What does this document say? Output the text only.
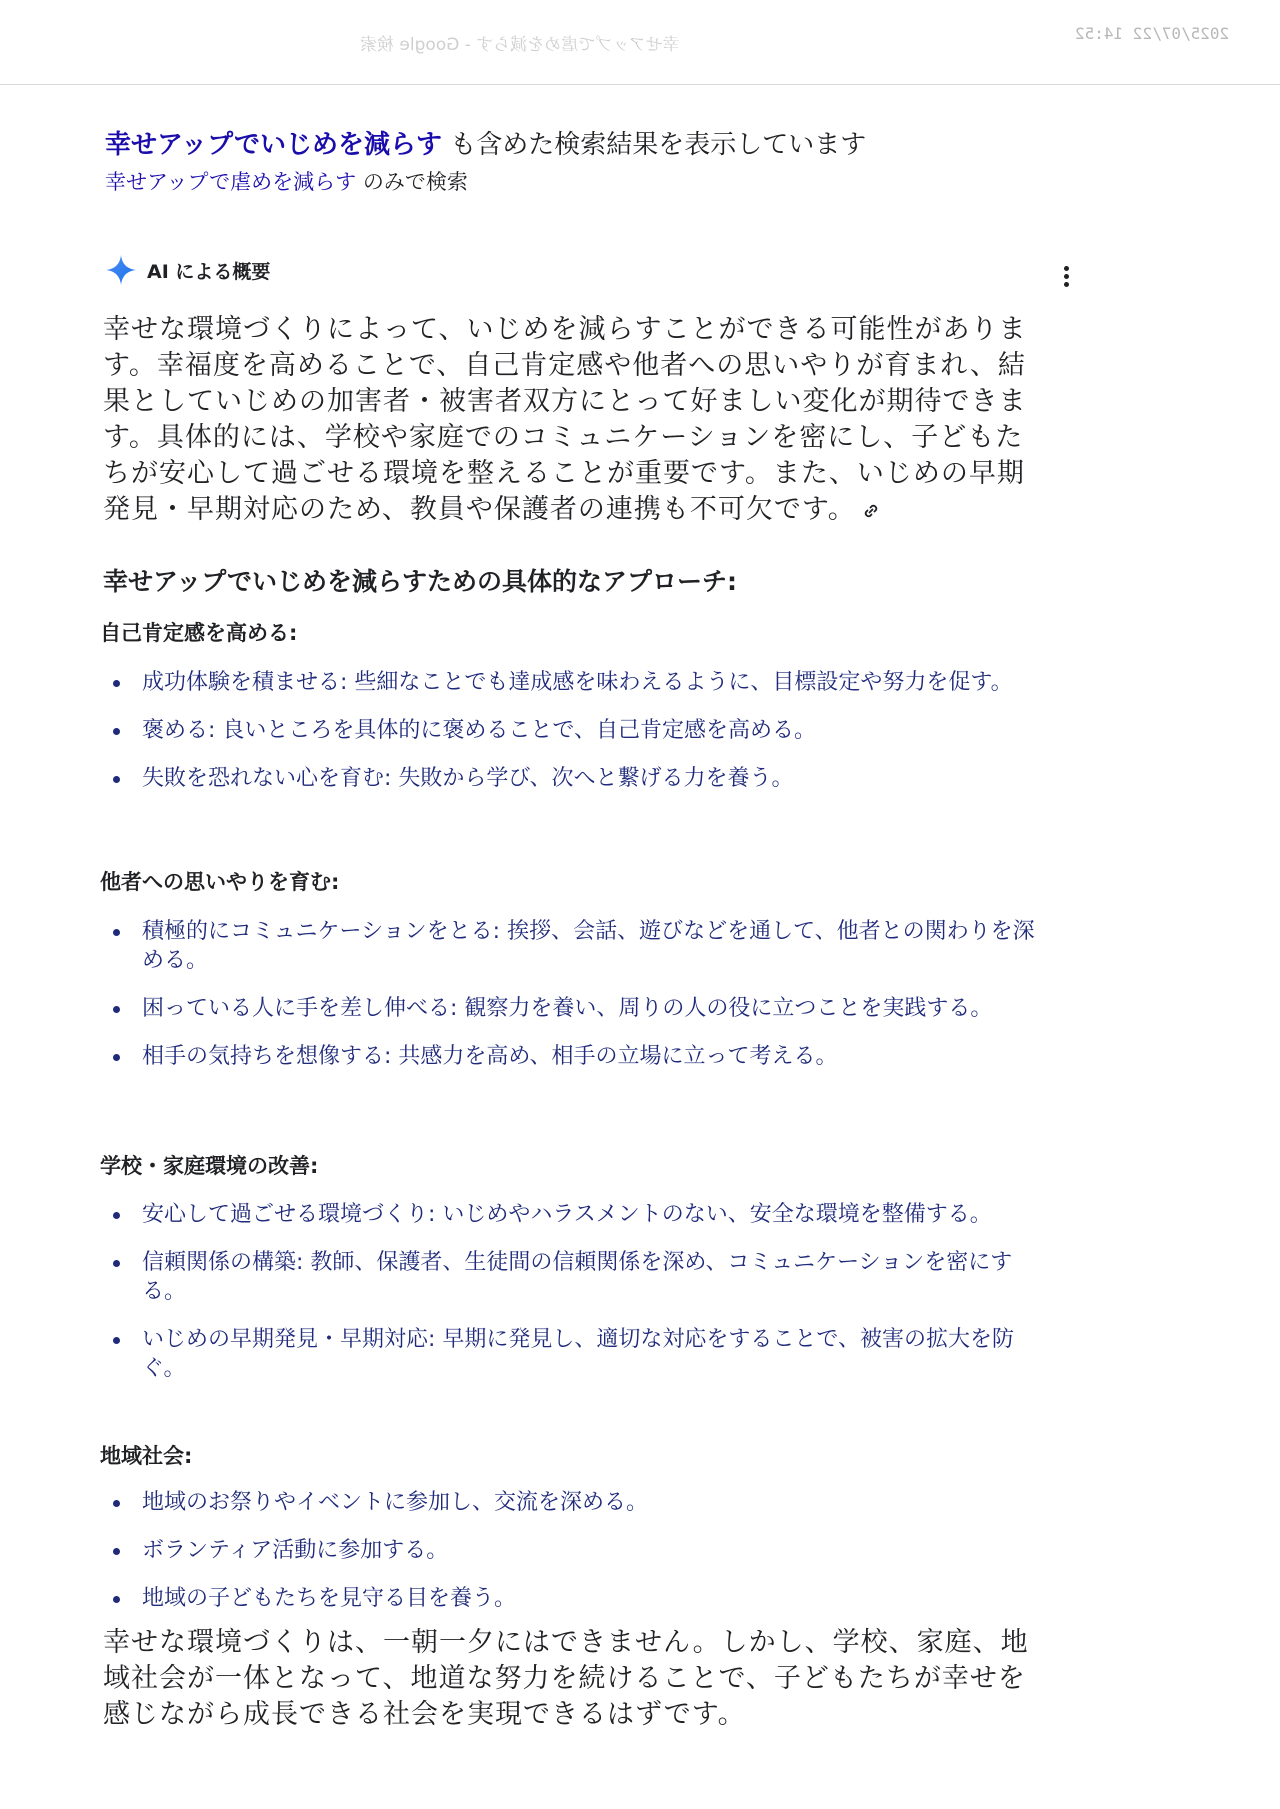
幸せアップで虐めを減らす - Google 検索
2025/07/22 14:52
幸せアップでいじめを減らす も含めた検索結果を表示しています
幸せアップで虐めを減らす のみで検索
AI による概要
幸せな環境づくりによって、いじめを減らすことができる可能性があります。幸福度を高めることで、自己肯定感や他者への思いやりが育まれ、結果としていじめの加害者・被害者双方にとって好ましい変化が期待できます。具体的には、学校や家庭でのコミュニケーションを密にし、子どもたちが安心して過ごせる環境を整えることが重要です。また、いじめの早期発見・早期対応のため、教員や保護者の連携も不可欠です。
幸せアップでいじめを減らすための具体的なアプローチ:
自己肯定感を高める:
成功体験を積ませる: 些細なことでも達成感を味わえるように、目標設定や努力を促す。
褒める: 良いところを具体的に褒めることで、自己肯定感を高める。
失敗を恐れない心を育む: 失敗から学び、次へと繋げる力を養う。
他者への思いやりを育む:
積極的にコミュニケーションをとる: 挨拶、会話、遊びなどを通して、他者との関わりを深める。
困っている人に手を差し伸べる: 観察力を養い、周りの人の役に立つことを実践する。
相手の気持ちを想像する: 共感力を高め、相手の立場に立って考える。
学校・家庭環境の改善:
安心して過ごせる環境づくり: いじめやハラスメントのない、安全な環境を整備する。
信頼関係の構築: 教師、保護者、生徒間の信頼関係を深め、コミュニケーションを密にする。
いじめの早期発見・早期対応: 早期に発見し、適切な対応をすることで、被害の拡大を防ぐ。
地域社会:
地域のお祭りやイベントに参加し、交流を深める。
ボランティア活動に参加する。
地域の子どもたちを見守る目を養う。
幸せな環境づくりは、一朝一夕にはできません。しかし、学校、家庭、地域社会が一体となって、地道な努力を続けることで、子どもたちが幸せを感じながら成長できる社会を実現できるはずです。
